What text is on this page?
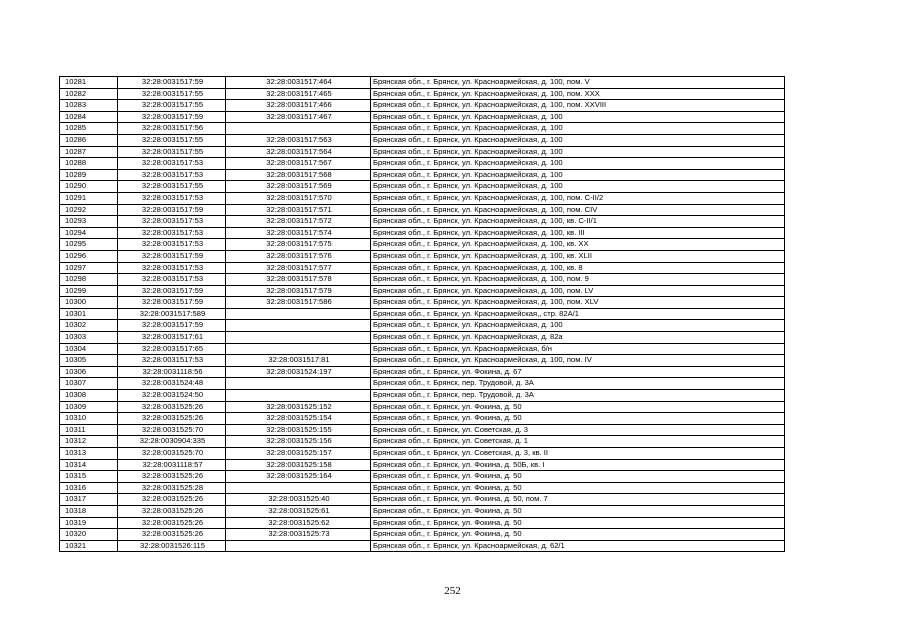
10281	32:28:0031517:59	32:28:0031517:464	Брянская обл., г. Брянск, ул. Красноармейская, д. 100, пом. V
10282	32:28:0031517:55	32:28:0031517:465	Брянская обл., г. Брянск, ул. Красноармейская, д. 100, пом. XXX
10283	32:28:0031517:55	32:28:0031517:466	Брянская обл., г. Брянск, ул. Красноармейская, д. 100, пом. XXVIII
10284	32:28:0031517:59	32:28:0031517:467	Брянская обл., г. Брянск, ул. Красноармейская, д. 100
10285	32:28:0031517:56		Брянская обл., г. Брянск, ул. Красноармейская, д. 100
10286	32:28:0031517:55	32:28:0031517:563	Брянская обл., г. Брянск, ул. Красноармейская, д. 100
10287	32:28:0031517:55	32:28:0031517:564	Брянская обл., г. Брянск, ул. Красноармейская, д. 100
10288	32:28:0031517:53	32:28:0031517:567	Брянская обл., г. Брянск, ул. Красноармейская, д. 100
10289	32:28:0031517:53	32:28:0031517:568	Брянская обл., г. Брянск, ул. Красноармейская, д. 100
10290	32:28:0031517:55	32:28:0031517:569	Брянская обл., г. Брянск, ул. Красноармейская, д. 100
10291	32:28:0031517:53	32:28:0031517:570	Брянская обл., г. Брянск, ул. Красноармейская, д. 100, пом. С-II/2
10292	32:28:0031517:59	32:28:0031517:571	Брянская обл., г. Брянск, ул. Красноармейская, д. 100, пом. CIV
10293	32:28:0031517:53	32:28:0031517:572	Брянская обл., г. Брянск, ул. Красноармейская, д. 100, кв. С-II/1
10294	32:28:0031517:53	32:28:0031517:574	Брянская обл., г. Брянск, ул. Красноармейская, д. 100, кв. III
10295	32:28:0031517:53	32:28:0031517:575	Брянская обл., г. Брянск, ул. Красноармейская, д. 100, кв. XX
10296	32:28:0031517:59	32:28:0031517:576	Брянская обл., г. Брянск, ул. Красноармейская, д. 100, кв. XLII
10297	32:28:0031517:53	32:28:0031517:577	Брянская обл., г. Брянск, ул. Красноармейская, д. 100, кв. 8
10298	32:28:0031517:53	32:28:0031517:578	Брянская обл., г. Брянск, ул. Красноармейская, д. 100, пом. 9
10299	32:28:0031517:59	32:28:0031517:579	Брянская обл., г. Брянск, ул. Красноармейская, д. 100, пом. LV
10300	32:28:0031517:59	32:28:0031517:586	Брянская обл., г. Брянск, ул. Красноармейская, д. 100, пом. XLV
10301	32:28:0031517:589		Брянская обл., г. Брянск, ул. Красноармейская,, стр. 82А/1
10302	32:28:0031517:59		Брянская обл., г. Брянск, ул. Красноармейская, д. 100
10303	32:28:0031517:61		Брянская обл., г. Брянск, ул. Красноармейская, д. 82а
10304	32:28:0031517:65		Брянская обл., г. Брянск, ул. Красноармейская, б/н
10305	32:28:0031517:53	32:28:0031517:81	Брянская обл., г. Брянск, ул. Красноармейская, д. 100, пом. IV
10306	32:28:0031118:56	32:28:0031524:197	Брянская обл., г. Брянск, ул. Фокина, д. 67
10307	32:28:0031524:48		Брянская обл., г. Брянск, пер. Трудовой, д. 3А
10308	32:28:0031524:50		Брянская обл., г. Брянск, пер. Трудовой, д. 3А
10309	32:28:0031525:26	32:28:0031525:152	Брянская обл., г. Брянск, ул. Фокина, д. 50
10310	32:28:0031525:26	32:28:0031525:154	Брянская обл., г. Брянск, ул. Фокина, д. 50
10311	32:28:0031525:70	32:28:0031525:155	Брянская обл., г. Брянск, ул. Советская, д. 3
10312	32:28:0030904:335	32:28:0031525:156	Брянская обл., г. Брянск, ул. Советская, д. 1
10313	32:28:0031525:70	32:28:0031525:157	Брянская обл., г. Брянск, ул. Советская, д. 3, кв. II
10314	32:28:0031118:57	32:28:0031525:158	Брянская обл., г. Брянск, ул. Фокина, д. 50Б, кв. I
10315	32:28:0031525:26	32:28:0031525:164	Брянская обл., г. Брянск, ул. Фокина, д. 50
10316	32:28:0031525:28		Брянская обл., г. Брянск, ул. Фокина, д. 50
10317	32:28:0031525:26	32:28:0031525:40	Брянская обл., г. Брянск, ул. Фокина, д. 50, пом. 7
10318	32:28:0031525:26	32:28:0031525:61	Брянская обл., г. Брянск, ул. Фокина, д. 50
10319	32:28:0031525:26	32:28:0031525:62	Брянская обл., г. Брянск, ул. Фокина, д. 50
10320	32:28:0031525:26	32:28:0031525:73	Брянская обл., г. Брянск, ул. Фокина, д. 50
10321	32:28:0031526:115		Брянская обл., г. Брянск, ул. Красноармейская, д. 62/1
252
